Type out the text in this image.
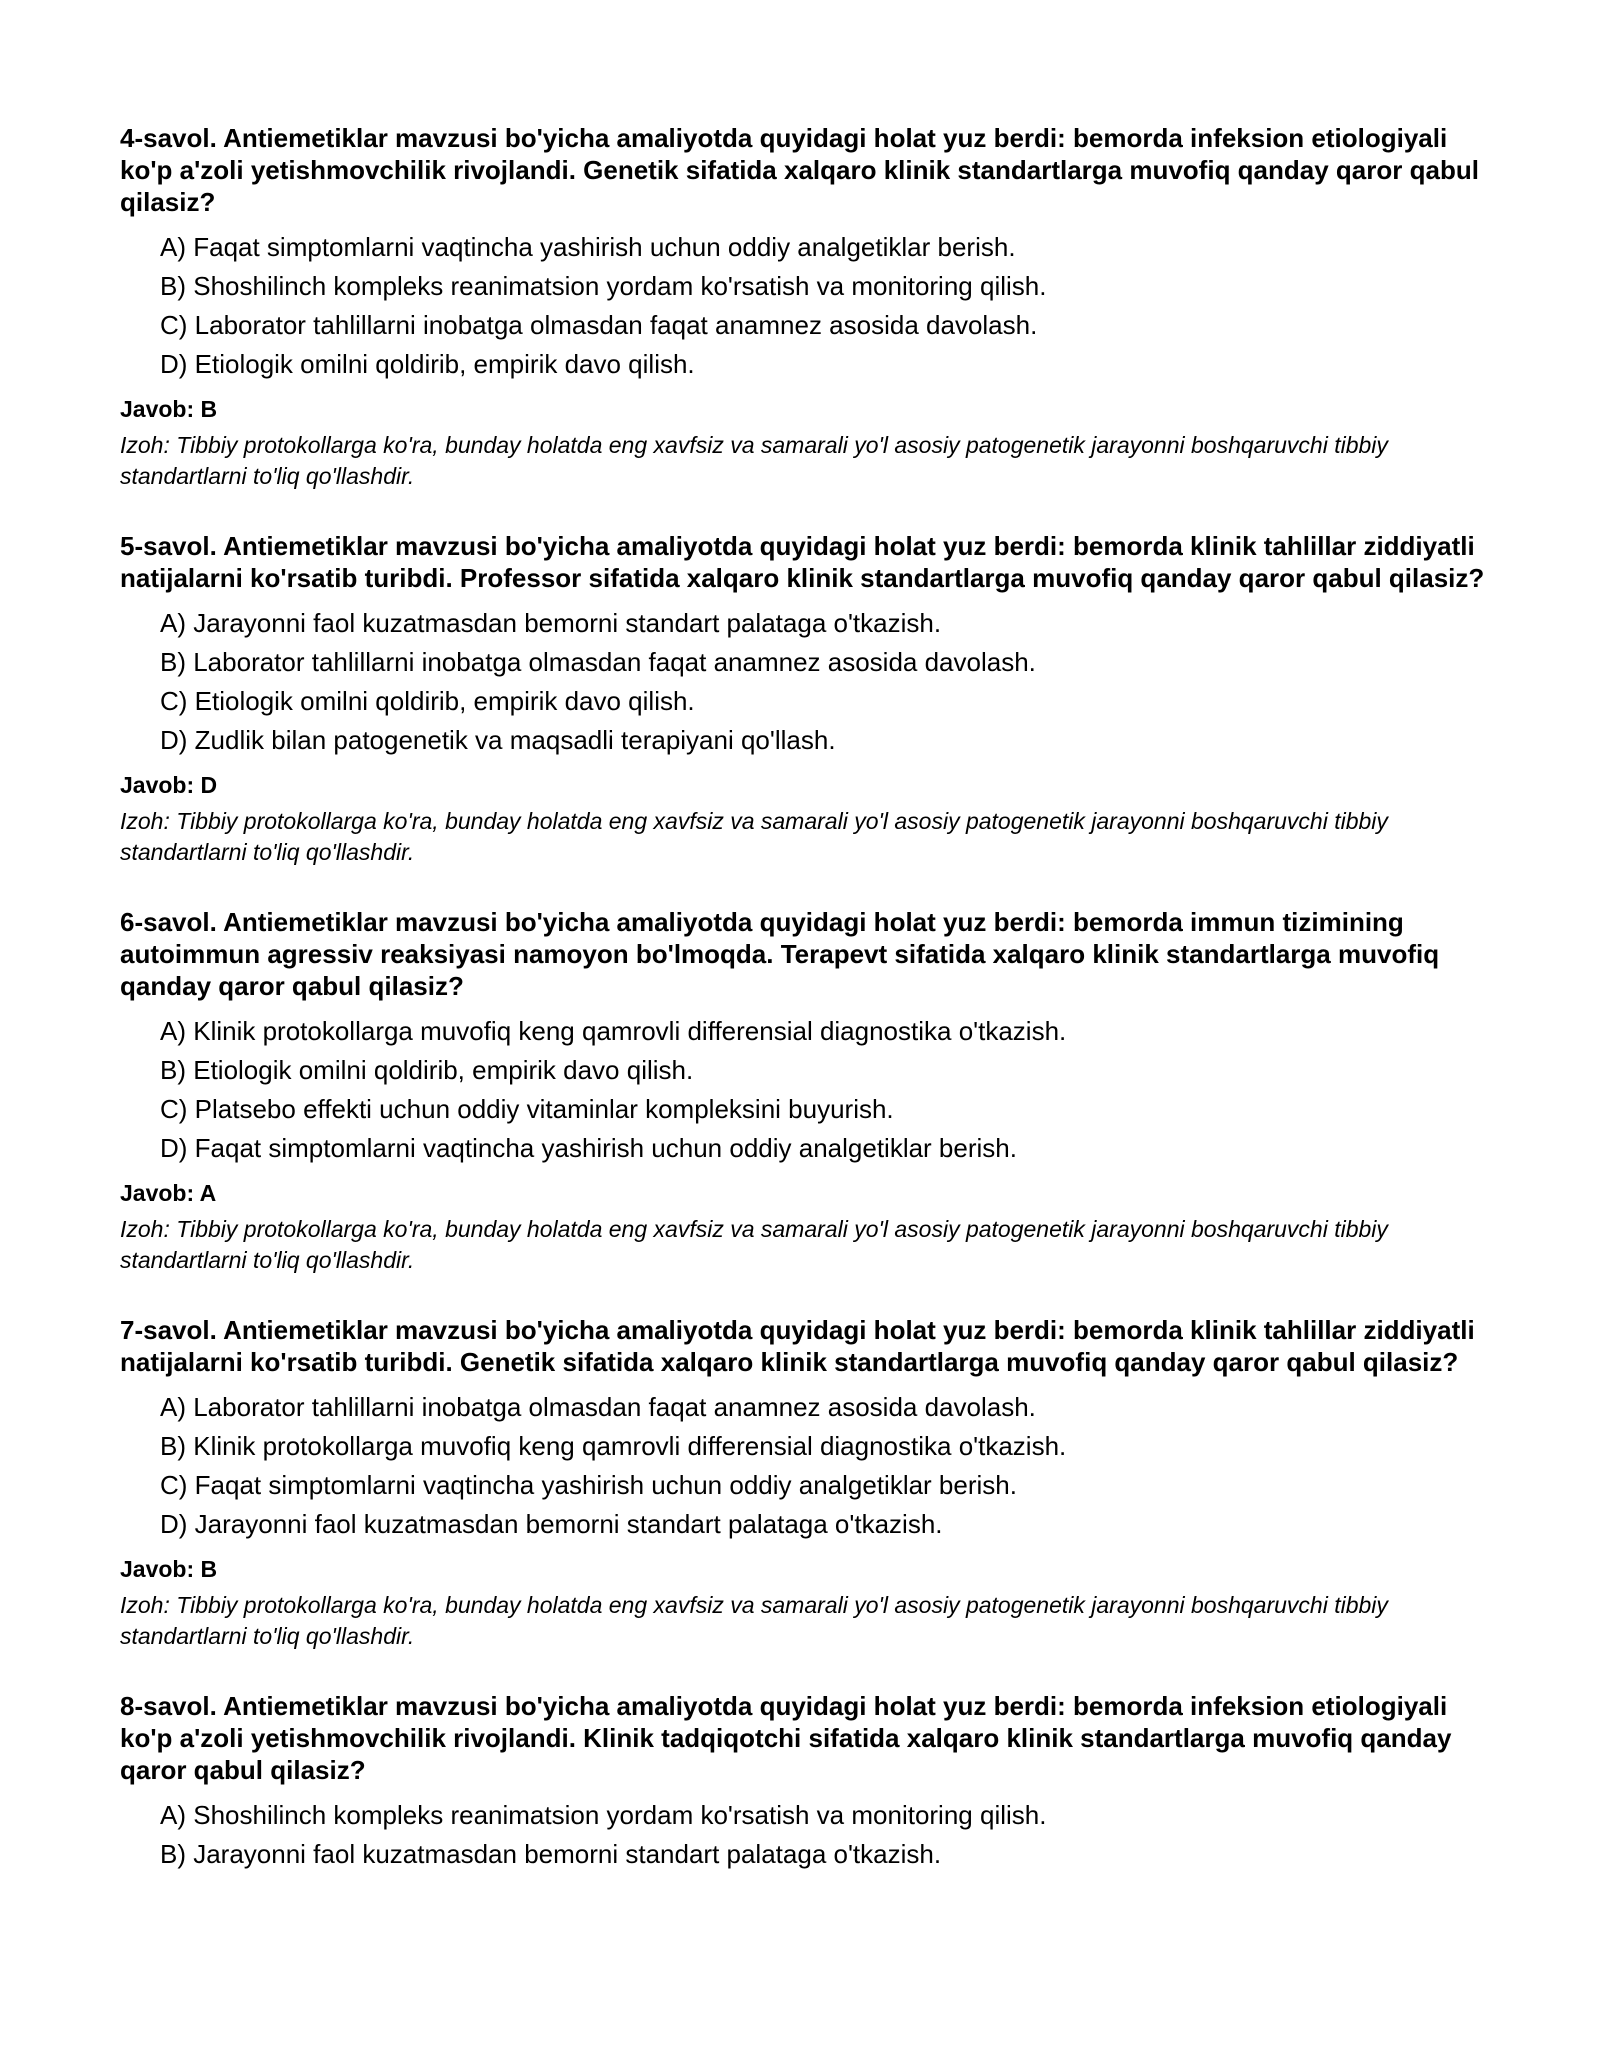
4-savol. Antiemetiklar mavzusi bo'yicha amaliyotda quyidagi holat yuz berdi: bemorda infeksion etiologiyali ko'p a'zoli yetishmovchilik rivojlandi. Genetik sifatida xalqaro klinik standartlarga muvofiq qanday qaror qabul qilasiz?

A) Faqat simptomlarni vaqtincha yashirish uchun oddiy analgetiklar berish.
B) Shoshilinch kompleks reanimatsion yordam ko'rsatish va monitoring qilish.
C) Laborator tahlillarni inobatga olmasdan faqat anamnez asosida davolash.
D) Etiologik omilni qoldirib, empirik davo qilish.

Javob: B

Izoh: Tibbiy protokollarga ko'ra, bunday holatda eng xavfsiz va samarali yo'l asosiy patogenetik jarayonni boshqaruvchi tibbiy standartlarni to'liq qo'llashdir.

5-savol. Antiemetiklar mavzusi bo'yicha amaliyotda quyidagi holat yuz berdi: bemorda klinik tahlillar ziddiyatli natijalarni ko'rsatib turibdi. Professor sifatida xalqaro klinik standartlarga muvofiq qanday qaror qabul qilasiz?

A) Jarayonni faol kuzatmasdan bemorni standart palataga o'tkazish.
B) Laborator tahlillarni inobatga olmasdan faqat anamnez asosida davolash.
C) Etiologik omilni qoldirib, empirik davo qilish.
D) Zudlik bilan patogenetik va maqsadli terapiyani qo'llash.

Javob: D

Izoh: Tibbiy protokollarga ko'ra, bunday holatda eng xavfsiz va samarali yo'l asosiy patogenetik jarayonni boshqaruvchi tibbiy standartlarni to'liq qo'llashdir.

6-savol. Antiemetiklar mavzusi bo'yicha amaliyotda quyidagi holat yuz berdi: bemorda immun tizimining autoimmun agressiv reaksiyasi namoyon bo'lmoqda. Terapevt sifatida xalqaro klinik standartlarga muvofiq qanday qaror qabul qilasiz?

A) Klinik protokollarga muvofiq keng qamrovli differensial diagnostika o'tkazish.
B) Etiologik omilni qoldirib, empirik davo qilish.
C) Platsebo effekti uchun oddiy vitaminlar kompleksini buyurish.
D) Faqat simptomlarni vaqtincha yashirish uchun oddiy analgetiklar berish.

Javob: A

Izoh: Tibbiy protokollarga ko'ra, bunday holatda eng xavfsiz va samarali yo'l asosiy patogenetik jarayonni boshqaruvchi tibbiy standartlarni to'liq qo'llashdir.

7-savol. Antiemetiklar mavzusi bo'yicha amaliyotda quyidagi holat yuz berdi: bemorda klinik tahlillar ziddiyatli natijalarni ko'rsatib turibdi. Genetik sifatida xalqaro klinik standartlarga muvofiq qanday qaror qabul qilasiz?

A) Laborator tahlillarni inobatga olmasdan faqat anamnez asosida davolash.
B) Klinik protokollarga muvofiq keng qamrovli differensial diagnostika o'tkazish.
C) Faqat simptomlarni vaqtincha yashirish uchun oddiy analgetiklar berish.
D) Jarayonni faol kuzatmasdan bemorni standart palataga o'tkazish.

Javob: B

Izoh: Tibbiy protokollarga ko'ra, bunday holatda eng xavfsiz va samarali yo'l asosiy patogenetik jarayonni boshqaruvchi tibbiy standartlarni to'liq qo'llashdir.

8-savol. Antiemetiklar mavzusi bo'yicha amaliyotda quyidagi holat yuz berdi: bemorda infeksion etiologiyali ko'p a'zoli yetishmovchilik rivojlandi. Klinik tadqiqotchi sifatida xalqaro klinik standartlarga muvofiq qanday qaror qabul qilasiz?

A) Shoshilinch kompleks reanimatsion yordam ko'rsatish va monitoring qilish.
B) Jarayonni faol kuzatmasdan bemorni standart palataga o'tkazish.
